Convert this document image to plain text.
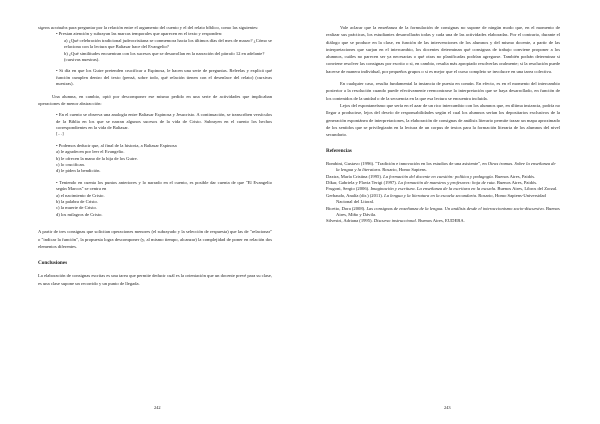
signos acotados para preguntar por la relación entre el argumento del cuento y el del relato bíblico, como las siguientes:

• Prestan atención y subrayan las marcas temporales que aparecen en el texto y responden:

a) ¿Qué celebración tradicional judeocristiana se conmemora hacia los últimos días del mes de marzo? ¿Cómo se relaciona con la lectura que Baltasar hace del Evangelio?

b) ¿Qué similitudes encuentran con los sucesos que se desarrollan en la narración del párrafo 12 en adelante? (cursivas nuestras).

• Si día en que los Gutre pretenden crucificar a Espinosa, le hacen una serie de preguntas. Releelas y explicá qué función cumplen dentro del texto (pensá, sobre todo, qué relación tienen con el desenlace del relato) (cursivas nuestras).

Una alumna, en cambio, optó por descomponer ese mismo pedido en una serie de actividades que implicaban operaciones de menor abstracción:

• En el cuento se observa una analogía entre Baltasar Espinosa y Jesucristo. A continuación, se transcriben versículos de la Biblia en los que se narran algunos sucesos de la vida de Cristo. Subrayen en el cuento los hechos correspondientes en la vida de Baltasar.

[…]

• Podemos deducir que, al final de la historia, a Baltasar Espinosa

a) le agradecen por leer el Evangelio.

b) le ofrecen la mano de la hija de los Gutre.

c) lo crucifican.

d) le piden la bendición.

• Teniendo en cuenta los puntos anteriores y lo narrado en el cuento, es posible dar cuenta de que "El Evangelio según Marcos" se centra en

a) el nacimiento de Cristo.

b) la palabra de Cristo.

c) la muerte de Cristo.

d) los milagros de Cristo.

A partir de tres consignas que solicitan operaciones menores (el subrayado y la selección de respuesta) que las de "relacionar" o "indicar la función", la propuesta logra descomponer (y, al mismo tiempo, alcanzar) la complejidad de poner en relación dos elementos diferentes.

Conclusiones

La elaboración de consignas escritas es una tarea que permite deducir cuál es la orientación que un docente prevé para su clase, es una clase supone un recorrido y un punto de llegada.

Vale aclarar que la enseñanza de la formulación de consignas no supone de ningún modo que, en el momento de realizar sus prácticas, los estudiantes desarrollarán todas y cada una de las actividades elaboradas. Por el contrario, durante el diálogo que se produce en la clase, en función de las intervenciones de los alumnos y del mismo docente, a partir de las interpretaciones que surjan en el intercambio, los docentes determinan qué consignas de trabajo conviene proponer a los alumnos, cuáles no parecen ser ya necesarias o qué otras no planificadas podrían agregarse. También podrán determinar si conviene resolver las consignas por escrito o si, en cambio, resulta más apropiado resolverlas oralmente; si la resolución puede hacerse de manera individual, por pequeños grupos o si es mejor que el curso completo se involucre en una tarea colectiva.

En cualquier caso, resulta fundamental la instancia de puesta en común. En efecto, es en el momento del intercambio posterior a la resolución cuando puede efectivamente reencontrarse la interpretación que se haya desarrollado, en función de los contenidos de la unidad o de la secuencia en la que esa lectura se encuentra incluida.

Lejos del espontaneísmo que sería en el azar de un rico intercambio con los alumnos que, en última instancia, podría no llegar a producirse, lejos del desvío de responsabilidades según el cual los alumnos serían los depositarios exclusivos de la generación espontánea de interpretaciones, la elaboración de consignas de análisis literario permite trazar un mapa aproximado de los sentidos que se privilegiarán en la lectura de un corpus de textos para la formación literaria de los alumnos del nivel secundario.

Referencias

Bombini, Gustavo (1996). "Tradición e innovación en los estudios de una asistente", en Otras tramas. Sobre la enseñanza de la lengua y la literatura. Rosario, Homo Sapiens.

Daxtra, María Cristina (1995). La formación del docente en cuestión: política y pedagogía. Buenos Aires, Paidós.

Díkar, Gabriela y Flavia Terigi (1997). La formación de maestros y profesores: hoja de ruta. Buenos Aires, Paidós.

Frugoni, Sergio (2006). Imaginación y escritura. La enseñanza de la escritura en la escuela. Buenos Aires, Libros del Zorzal.

Gerbaudo, Analía (dir.) (2011). La lengua y la literatura en la escuela secundaria. Rosario, Homo Sapiens-Universidad Nacional del Litoral.

Bicetto, Dora (2008). Las consignas de enseñanza de la lengua. Un análisis desde el interaccionismo socio-discursivo. Buenos Aires, Miño y Dávila.

Silvestri, Adriana (1995). Discurso instruccional. Buenos Aires, EUDEBA.

242	243
